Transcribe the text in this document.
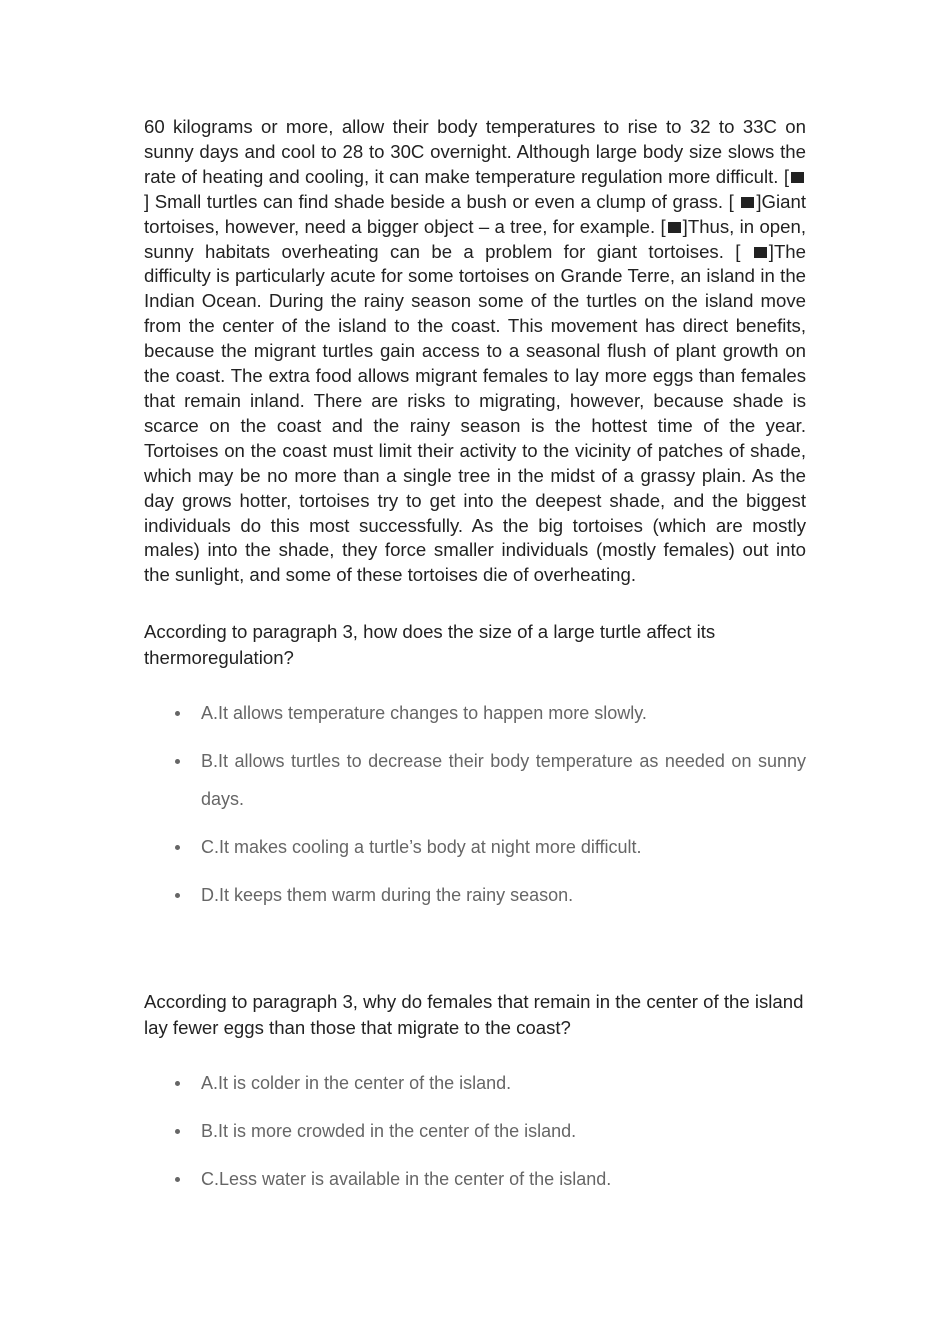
60 kilograms or more, allow their body temperatures to rise to 32 to 33C on sunny days and cool to 28 to 30C overnight. Although large body size slows the rate of heating and cooling, it can make temperature regulation more difficult. [] Small turtles can find shade beside a bush or even a clump of grass. [ ]Giant tortoises, however, need a bigger object – a tree, for example. [ ]Thus, in open, sunny habitats overheating can be a problem for giant tortoises. [ ]The difficulty is particularly acute for some tortoises on Grande Terre, an island in the Indian Ocean. During the rainy season some of the turtles on the island move from the center of the island to the coast. This movement has direct benefits, because the migrant turtles gain access to a seasonal flush of plant growth on the coast. The extra food allows migrant females to lay more eggs than females that remain inland. There are risks to migrating, however, because shade is scarce on the coast and the rainy season is the hottest time of the year. Tortoises on the coast must limit their activity to the vicinity of patches of shade, which may be no more than a single tree in the midst of a grassy plain. As the day grows hotter, tortoises try to get into the deepest shade, and the biggest individuals do this most successfully. As the big tortoises (which are mostly males) into the shade, they force smaller individuals (mostly females) out into the sunlight, and some of these tortoises die of overheating.

According to paragraph 3, how does the size of a large turtle affect its thermoregulation?

A.It allows temperature changes to happen more slowly.
B.It allows turtles to decrease their body temperature as needed on sunny days.
C.It makes cooling a turtle’s body at night more difficult.
D.It keeps them warm during the rainy season.

According to paragraph 3, why do females that remain in the center of the island lay fewer eggs than those that migrate to the coast?

A.It is colder in the center of the island.
B.It is more crowded in the center of the island.
C.Less water is available in the center of the island.
